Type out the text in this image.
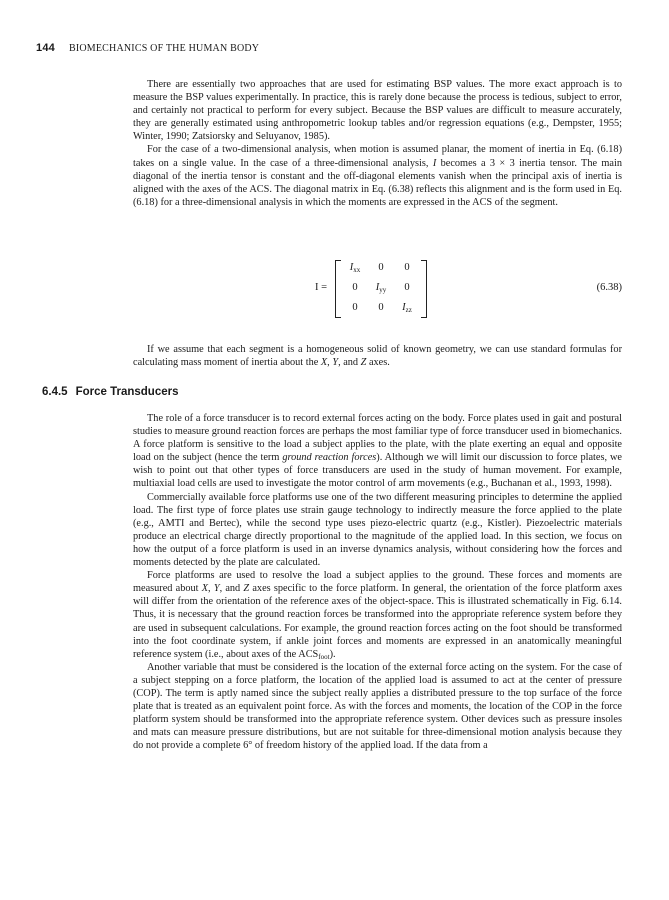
144 BIOMECHANICS OF THE HUMAN BODY

There are essentially two approaches that are used for estimating BSP values. The more exact approach is to measure the BSP values experimentally. In practice, this is rarely done because the process is tedious, subject to error, and certainly not practical to perform for every subject. Because the BSP values are difficult to measure accurately, they are generally estimated using anthropometric lookup tables and/or regression equations (e.g., Dempster, 1955; Winter, 1990; Zatsiorsky and Seluyanov, 1985).

For the case of a two-dimensional analysis, when motion is assumed planar, the moment of inertia in Eq. (6.18) takes on a single value. In the case of a three-dimensional analysis, I becomes a 3 × 3 inertia tensor. The main diagonal of the inertia tensor is constant and the off-diagonal elements vanish when the principal axis of inertia is aligned with the axes of the ACS. The diagonal matrix in Eq. (6.38) reflects this alignment and is the form used in Eq. (6.18) for a three-dimensional analysis in which the moments are expressed in the ACS of the segment.

I =
$I_{xx}$	0	0
0	$I_{yy}$	0
0	0	$I_{zz}$
(6.38)

If we assume that each segment is a homogeneous solid of known geometry, we can use standard formulas for calculating mass moment of inertia about the X, Y, and Z axes.

6.4.5 Force Transducers

The role of a force transducer is to record external forces acting on the body. Force plates used in gait and postural studies to measure ground reaction forces are perhaps the most familiar type of force transducer used in biomechanics. A force platform is sensitive to the load a subject applies to the plate, with the plate exerting an equal and opposite load on the subject (hence the term ground reaction forces). Although we will limit our discussion to force plates, we wish to point out that other types of force transducers are used in the study of human movement. For example, multiaxial load cells are used to investigate the motor control of arm movements (e.g., Buchanan et al., 1993, 1998).

Commercially available force platforms use one of the two different measuring principles to determine the applied load. The first type of force plates use strain gauge technology to indirectly measure the force applied to the plate (e.g., AMTI and Bertec), while the second type uses piezo-electric quartz (e.g., Kistler). Piezoelectric materials produce an electrical charge directly proportional to the magnitude of the applied load. In this section, we focus on how the output of a force platform is used in an inverse dynamics analysis, without considering how the forces and moments detected by the plate are calculated.

Force platforms are used to resolve the load a subject applies to the ground. These forces and moments are measured about X, Y, and Z axes specific to the force platform. In general, the orientation of the force platform axes will differ from the orientation of the reference axes of the object-space. This is illustrated schematically in Fig. 6.14. Thus, it is necessary that the ground reaction forces be transformed into the appropriate reference system before they are used in subsequent calculations. For example, the ground reaction forces acting on the foot should be transformed into the foot coordinate system, if ankle joint forces and moments are expressed in an anatomically meaningful reference system (i.e., about axes of the $ACS_{foot}$).

Another variable that must be considered is the location of the external force acting on the system. For the case of a subject stepping on a force platform, the location of the applied load is assumed to act at the center of pressure (COP). The term is aptly named since the subject really applies a distributed pressure to the top surface of the force plate that is treated as an equivalent point force. As with the forces and moments, the location of the COP in the force platform system should be transformed into the appropriate reference system. Other devices such as pressure insoles and mats can measure pressure distributions, but are not suitable for three-dimensional motion analysis because they do not provide a complete 6° of freedom history of the applied load. If the data from a
